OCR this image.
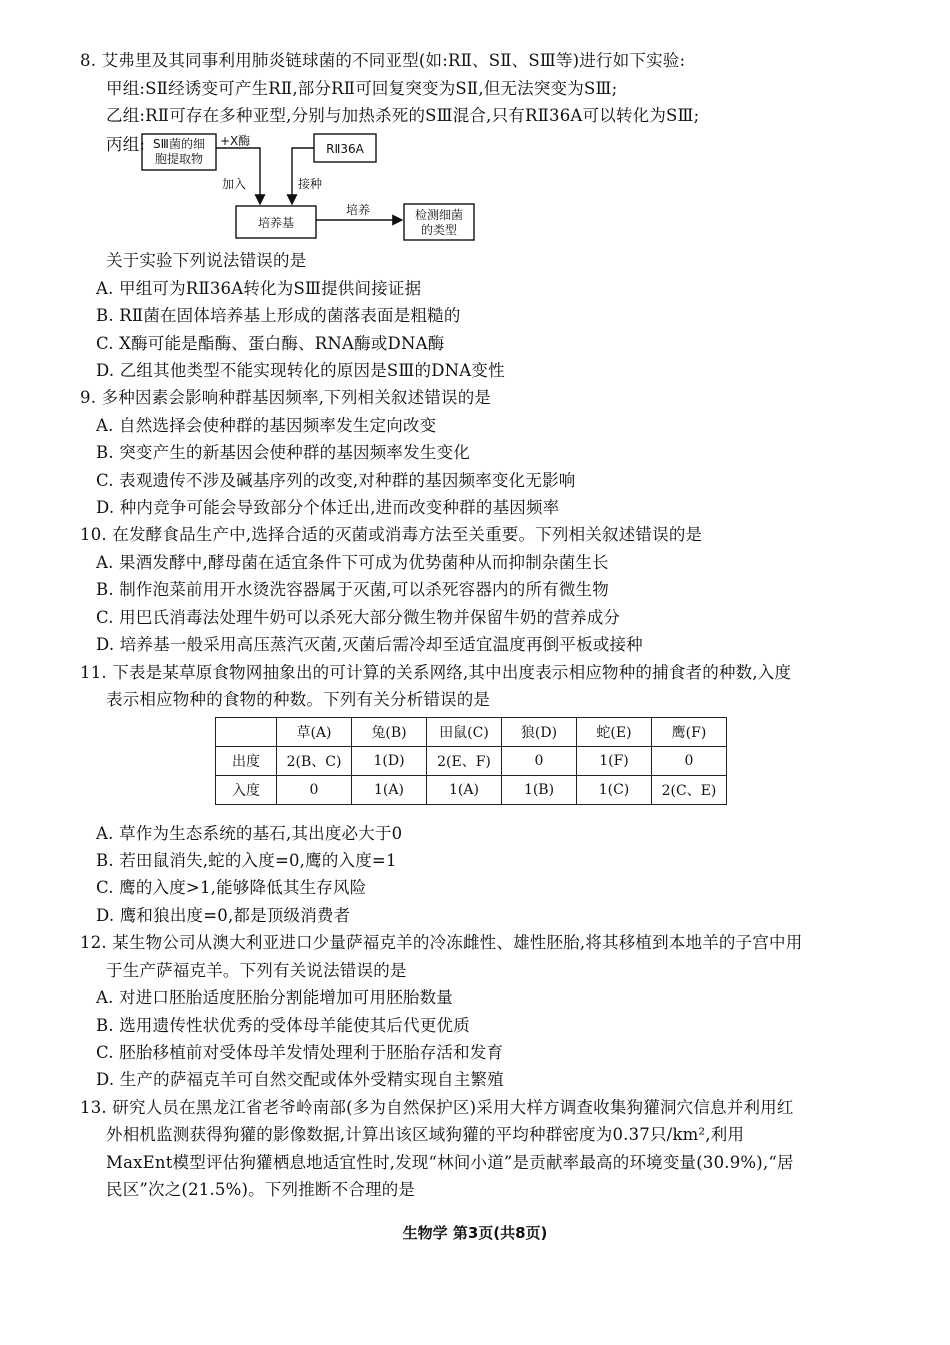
8. 艾弗里及其同事利用肺炎链球菌的不同亚型(如:RⅡ、SⅡ、SⅢ等)进行如下实验:
甲组:SⅡ经诱变可产生RⅡ,部分RⅡ可回复突变为SⅡ,但无法突变为SⅢ;
乙组:RⅡ可存在多种亚型,分别与加热杀死的SⅢ混合,只有RⅡ36A可以转化为SⅢ;
丙组: SⅢ菌的细
胞提取物
+X酶
加入
RⅡ36A
接种
培养基
培养	检测细菌
的类型
关于实验下列说法错误的是
A. 甲组可为RⅡ36A转化为SⅢ提供间接证据
B. RⅡ菌在固体培养基上形成的菌落表面是粗糙的
C. X酶可能是酯酶、蛋白酶、RNA酶或DNA酶
D. 乙组其他类型不能实现转化的原因是SⅢ的DNA变性
9. 多种因素会影响种群基因频率,下列相关叙述错误的是
A. 自然选择会使种群的基因频率发生定向改变
B. 突变产生的新基因会使种群的基因频率发生变化
C. 表观遗传不涉及碱基序列的改变,对种群的基因频率变化无影响
D. 种内竞争可能会导致部分个体迁出,进而改变种群的基因频率
10. 在发酵食品生产中,选择合适的灭菌或消毒方法至关重要。下列相关叙述错误的是
A. 果酒发酵中,酵母菌在适宜条件下可成为优势菌种从而抑制杂菌生长
B. 制作泡菜前用开水烫洗容器属于灭菌,可以杀死容器内的所有微生物
C. 用巴氏消毒法处理牛奶可以杀死大部分微生物并保留牛奶的营养成分
D. 培养基一般采用高压蒸汽灭菌,灭菌后需冷却至适宜温度再倒平板或接种
11. 下表是某草原食物网抽象出的可计算的关系网络,其中出度表示相应物种的捕食者的种数,入度
表示相应物种的食物的种数。下列有关分析错误的是
	草(A)	兔(B)	田鼠(C)	狼(D)	蛇(E)	鹰(F)
出度	2(B、C)	1(D)	2(E、F)	0	1(F)	0
入度	0	1(A)	1(A)	1(B)	1(C)	2(C、E)
A. 草作为生态系统的基石,其出度必大于0
B. 若田鼠消失,蛇的入度=0,鹰的入度=1
C. 鹰的入度>1,能够降低其生存风险
D. 鹰和狼出度=0,都是顶级消费者
12. 某生物公司从澳大利亚进口少量萨福克羊的冷冻雌性、雄性胚胎,将其移植到本地羊的子宫中用
于生产萨福克羊。下列有关说法错误的是
A. 对进口胚胎适度胚胎分割能增加可用胚胎数量
B. 选用遗传性状优秀的受体母羊能使其后代更优质
C. 胚胎移植前对受体母羊发情处理利于胚胎存活和发育
D. 生产的萨福克羊可自然交配或体外受精实现自主繁殖
13. 研究人员在黑龙江省老爷岭南部(多为自然保护区)采用大样方调查收集狗獾洞穴信息并利用红
外相机监测获得狗獾的影像数据,计算出该区域狗獾的平均种群密度为0.37只/km²,利用
MaxEnt模型评估狗獾栖息地适宜性时,发现“林间小道”是贡献率最高的环境变量(30.9%),“居
民区”次之(21.5%)。下列推断不合理的是
生物学 第3页(共8页)
